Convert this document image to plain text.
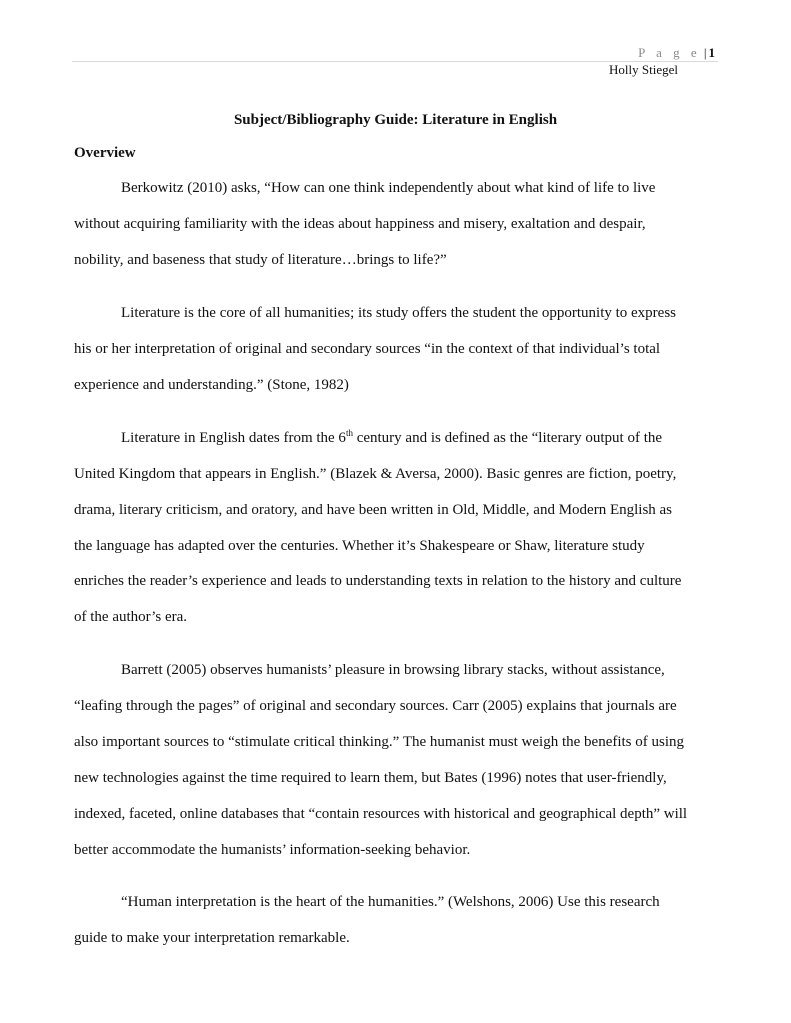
P a g e | 1
Holly Stiegel
Subject/Bibliography Guide: Literature in English
Overview
Berkowitz (2010) asks, “How can one think independently about what kind of life to live
without acquiring familiarity with the ideas about happiness and misery, exaltation and despair,
nobility, and baseness that study of literature…brings to life?”
Literature is the core of all humanities; its study offers the student the opportunity to express
his or her interpretation of original and secondary sources “in the context of that individual’s total
experience and understanding.” (Stone, 1982)
Literature in English dates from the 6th century and is defined as the “literary output of the
United Kingdom that appears in English.” (Blazek & Aversa, 2000). Basic genres are fiction, poetry,
drama, literary criticism, and oratory, and have been written in Old, Middle, and Modern English as
the language has adapted over the centuries. Whether it’s Shakespeare or Shaw, literature study
enriches the reader’s experience and leads to understanding texts in relation to the history and culture
of the author’s era.
Barrett (2005) observes humanists’ pleasure in browsing library stacks, without assistance,
“leafing through the pages” of original and secondary sources. Carr (2005) explains that journals are
also important sources to “stimulate critical thinking.” The humanist must weigh the benefits of using
new technologies against the time required to learn them, but Bates (1996) notes that user-friendly,
indexed, faceted, online databases that “contain resources with historical and geographical depth” will
better accommodate the humanists’ information-seeking behavior.
“Human interpretation is the heart of the humanities.” (Welshons, 2006) Use this research
guide to make your interpretation remarkable.
